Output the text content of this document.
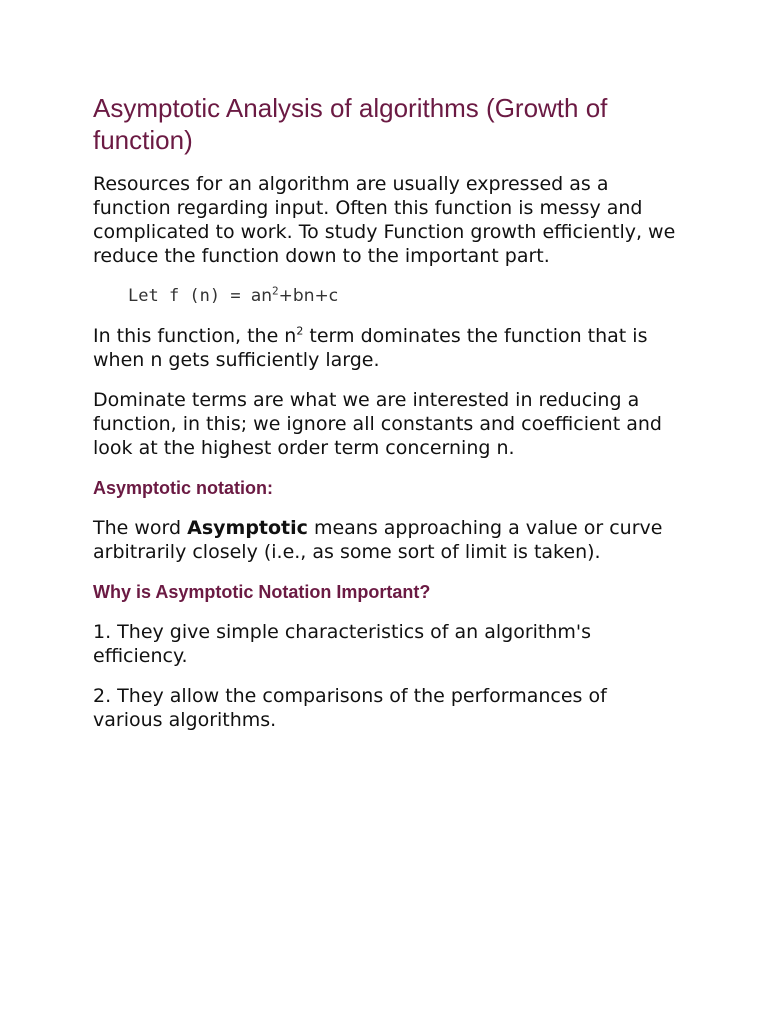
Asymptotic Analysis of algorithms (Growth of function)

Resources for an algorithm are usually expressed as a function regarding input. Often this function is messy and complicated to work. To study Function growth efficiently, we reduce the function down to the important part.

Let f $(n) = an^2+bn+c$

In this function, the $n^2$ term dominates the function that is when n gets sufficiently large.

Dominate terms are what we are interested in reducing a function, in this; we ignore all constants and coefficient and look at the highest order term concerning n.

Asymptotic notation:

The word Asymptotic means approaching a value or curve arbitrarily closely (i.e., as some sort of limit is taken).

Why is Asymptotic Notation Important?

1. They give simple characteristics of an algorithm's efficiency.

2. They allow the comparisons of the performances of various algorithms.
